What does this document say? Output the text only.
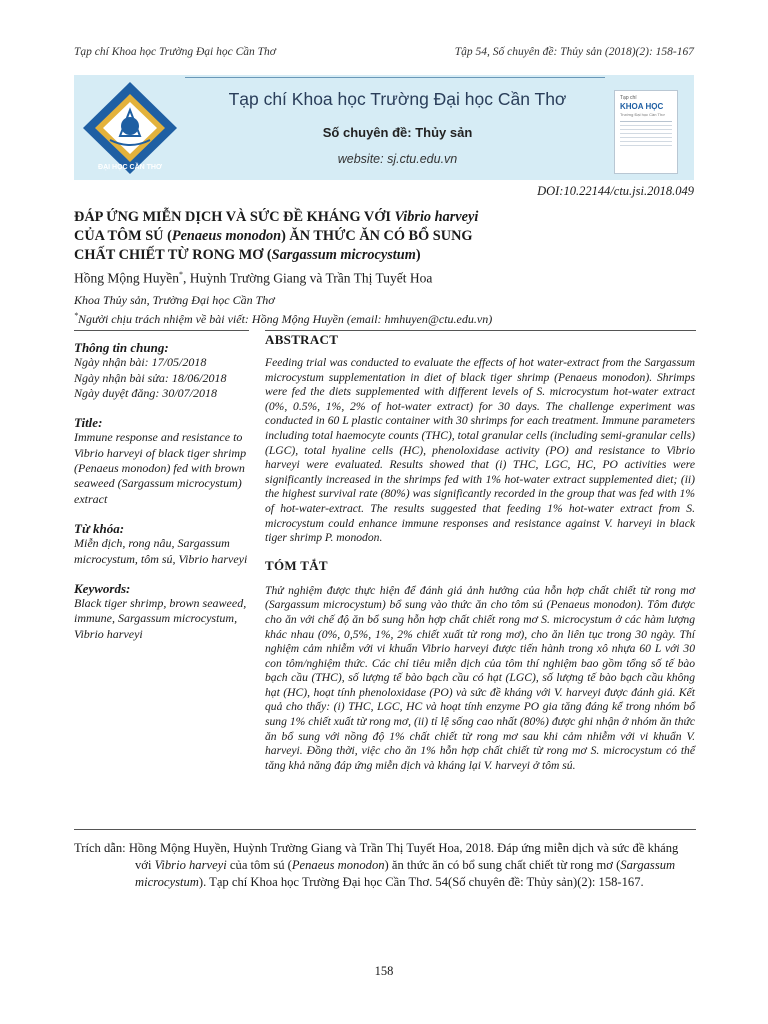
Tạp chí Khoa học Trường Đại học Cần Thơ	Tập 54, Số chuyên đề: Thủy sản (2018)(2): 158-167
ĐẠI HỌC CẦN THƠ
Tạp chí Khoa học Trường Đại học Cần Thơ
Số chuyên đề: Thủy sản
website: sj.ctu.edu.vn
Tạp chí
KHOA HỌC
Trường Đại học Cần Thơ
DOI:10.22144/ctu.jsi.2018.049
ĐÁP ỨNG MIỄN DỊCH VÀ SỨC ĐỀ KHÁNG VỚI Vibrio harveyi
CỦA TÔM SÚ (Penaeus monodon) ĂN THỨC ĂN CÓ BỔ SUNG
CHẤT CHIẾT TỪ RONG MƠ (Sargassum microcystum)
Hồng Mộng Huyền*, Huỳnh Trường Giang và Trần Thị Tuyết Hoa
Khoa Thủy sản, Trường Đại học Cần Thơ
*Người chịu trách nhiệm về bài viết: Hồng Mộng Huyền (email: hmhuyen@ctu.edu.vn)
Thông tin chung:
Ngày nhận bài: 17/05/2018
Ngày nhận bài sửa: 18/06/2018
Ngày duyệt đăng: 30/07/2018
Title:
Immune response and resistance to Vibrio harveyi of black tiger shrimp (Penaeus monodon) fed with brown seaweed (Sargassum microcystum) extract
Từ khóa:
Miễn dịch, rong nâu, Sargassum microcystum, tôm sú, Vibrio harveyi
Keywords:
Black tiger shrimp, brown seaweed, immune, Sargassum microcystum, Vibrio harveyi
ABSTRACT
Feeding trial was conducted to evaluate the effects of hot water-extract from the Sargassum microcystum supplementation in diet of black tiger shrimp (Penaeus monodon). Shrimps were fed the diets supplemented with different levels of S. microcystum hot-water extract (0%, 0.5%, 1%, 2% of hot-water extract) for 30 days. The challenge experiment was conducted in 60 L plastic container with 30 shrimps for each treatment. Immune parameters including total haemocyte counts (THC), total granular cells (including semi-granular cells) (LGC), total hyaline cells (HC), phenoloxidase activity (PO) and resistance to Vibrio harveyi were evaluated. Results showed that (i) THC, LGC, HC, PO activities were significantly increased in the shrimps fed with 1% hot-water extract supplemented diet; (ii) the highest survival rate (80%) was significantly recorded in the group that was fed with 1% of hot-water-extract. The results suggested that feeding 1% hot-water extract from S. microcystum could enhance immune responses and resistance against V. harveyi in black tiger shrimp P. monodon.
TÓM TẮT
Thử nghiệm được thực hiện để đánh giá ảnh hưởng của hỗn hợp chất chiết từ rong mơ (Sargassum microcystum) bổ sung vào thức ăn cho tôm sú (Penaeus monodon). Tôm được cho ăn với chế độ ăn bổ sung hỗn hợp chất chiết rong mơ S. microcystum ở các hàm lượng khác nhau (0%, 0,5%, 1%, 2% chiết xuất từ rong mơ), cho ăn liên tục trong 30 ngày. Thí nghiệm cảm nhiễm với vi khuẩn Vibrio harveyi được tiến hành trong xô nhựa 60 L với 30 con tôm/nghiệm thức. Các chỉ tiêu miễn dịch của tôm thí nghiệm bao gồm tổng số tế bào bạch cầu (THC), số lượng tế bào bạch cầu có hạt (LGC), số lượng tế bào bạch cầu không hạt (HC), hoạt tính phenoloxidase (PO) và sức đề kháng với V. harveyi được đánh giá. Kết quả cho thấy: (i) THC, LGC, HC và hoạt tính enzyme PO gia tăng đáng kể trong nhóm bổ sung 1% chiết xuất từ rong mơ, (ii) tỉ lệ sống cao nhất (80%) được ghi nhận ở nhóm ăn thức ăn bổ sung với nồng độ 1% chất chiết từ rong mơ sau khi cảm nhiễm với vi khuẩn V. harveyi. Đồng thời, việc cho ăn 1% hỗn hợp chất chiết từ rong mơ S. microcystum có thể tăng khả năng đáp ứng miễn dịch và kháng lại V. harveyi ở tôm sú.
Trích dẫn: Hồng Mộng Huyền, Huỳnh Trường Giang và Trần Thị Tuyết Hoa, 2018. Đáp ứng miễn dịch và sức đề kháng với Vibrio harveyi của tôm sú (Penaeus monodon) ăn thức ăn có bổ sung chất chiết từ rong mơ (Sargassum microcystum). Tạp chí Khoa học Trường Đại học Cần Thơ. 54(Số chuyên đề: Thủy sản)(2): 158-167.
158
